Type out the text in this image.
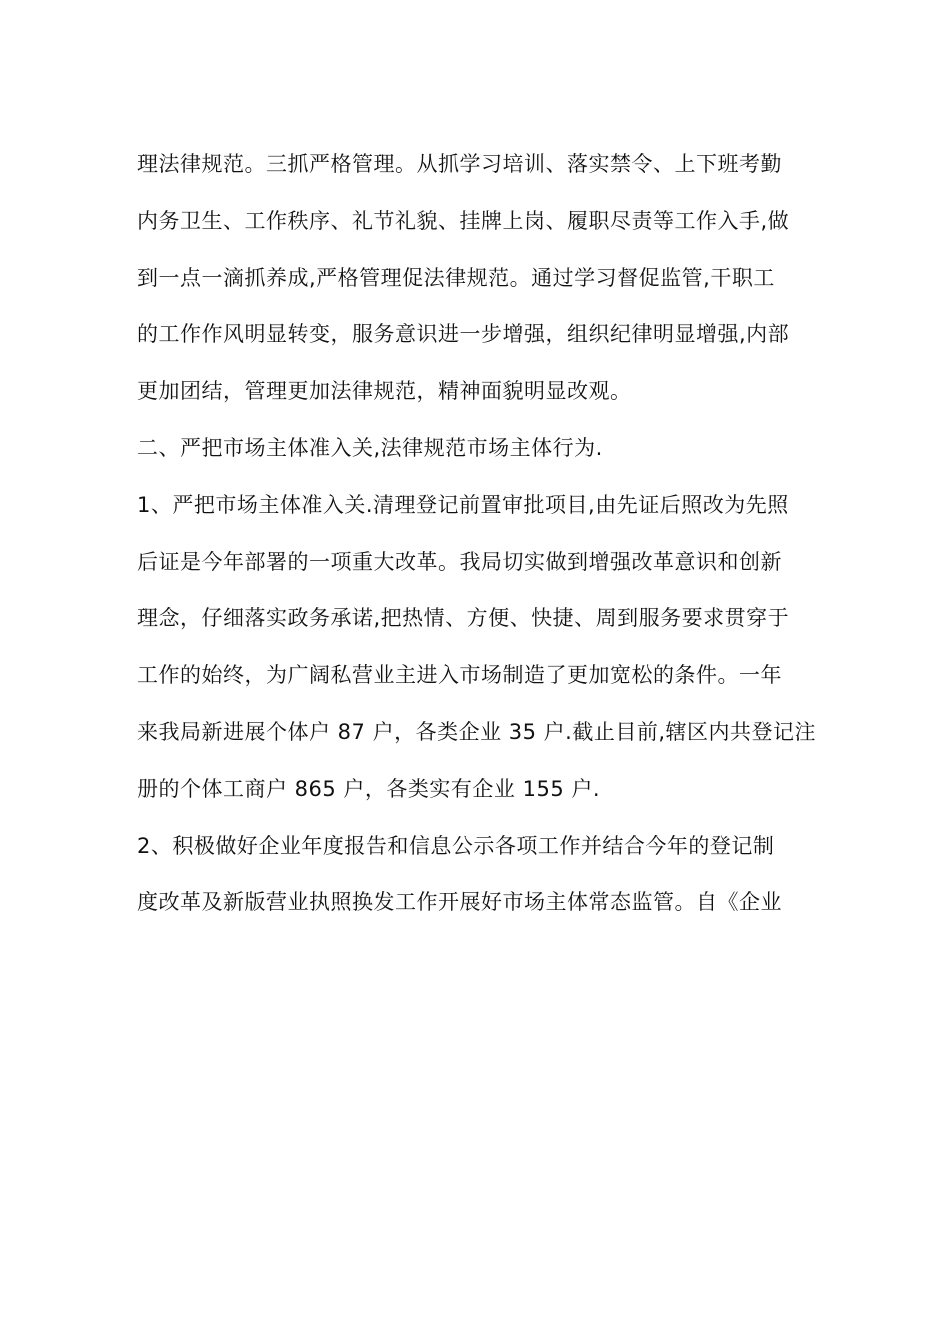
理法律规范。三抓严格管理。从抓学习培训、落实禁令、上下班考勤
内务卫生、工作秩序、礼节礼貌、挂牌上岗、履职尽责等工作入手,做
到一点一滴抓养成,严格管理促法律规范。通过学习督促监管,干职工
的工作作风明显转变，服务意识进一步增强，组织纪律明显增强,内部
更加团结，管理更加法律规范，精神面貌明显改观。
二、严把市场主体准入关,法律规范市场主体行为.
1、严把市场主体准入关.清理登记前置审批项目,由先证后照改为先照
后证是今年部署的一项重大改革。我局切实做到增强改革意识和创新
理念，仔细落实政务承诺,把热情、方便、快捷、周到服务要求贯穿于
工作的始终，为广阔私营业主进入市场制造了更加宽松的条件。一年
来我局新进展个体户 87 户，各类企业 35 户.截止目前,辖区内共登记注
册的个体工商户 865 户，各类实有企业 155 户.
2、积极做好企业年度报告和信息公示各项工作并结合今年的登记制
度改革及新版营业执照换发工作开展好市场主体常态监管。自《企业
